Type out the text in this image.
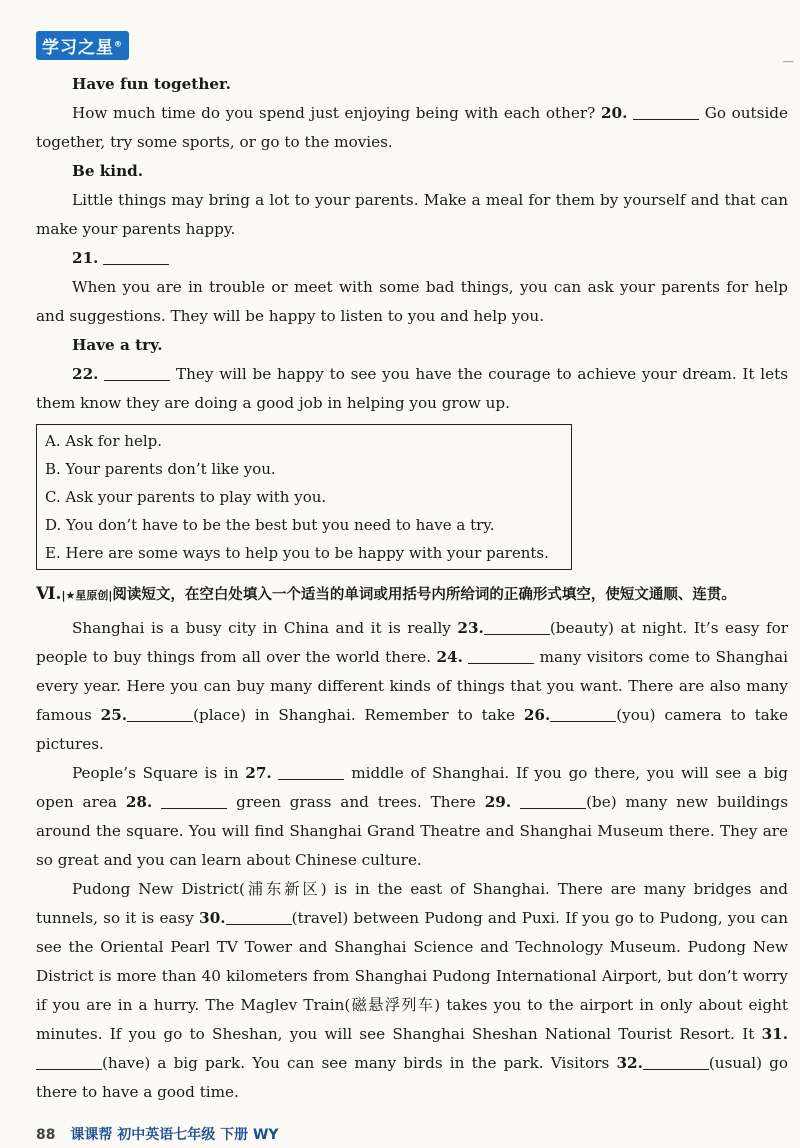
学习之星®
|
Have fun together.

How much time do you spend just enjoying being with each other? 20.	Go outside together, try some sports, or go to the movies.

Be kind.

Little things may bring a lot to your parents. Make a meal for them by yourself and that can make your parents happy.

21.

When you are in trouble or meet with some bad things, you can ask your parents for help and suggestions. They will be happy to listen to you and help you.

Have a try.

22.	They will be happy to see you have the courage to achieve your dream. It lets them know they are doing a good job in helping you grow up.

A. Ask for help.
B. Your parents don’t like you.
C. Ask your parents to play with you.
D. You don’t have to be the best but you need to have a try.
E. Here are some ways to help you to be happy with your parents.
Ⅵ.|★星原创|阅读短文，在空白处填入一个适当的单词或用括号内所给词的正确形式填空，使短文通顺、连贯。

Shanghai is a busy city in China and it is really 23.	(beauty) at night. It’s easy for people to buy things from all over the world there. 24.	many visitors come to Shanghai every year. Here you can buy many different kinds of things that you want. There are also many famous 25.	(place) in Shanghai. Remember to take 26.	(you) camera to take pictures.

People’s Square is in 27.	middle of Shanghai. If you go there, you will see a big open area 28.	green grass and trees. There 29.	(be) many new buildings around the square. You will find Shanghai Grand Theatre and Shanghai Museum there. They are so great and you can learn about Chinese culture.

Pudong New District(浦东新区) is in the east of Shanghai. There are many bridges and tunnels, so it is easy 30.	(travel) between Pudong and Puxi. If you go to Pudong, you can see the Oriental Pearl TV Tower and Shanghai Science and Technology Museum. Pudong New District is more than 40 kilometers from Shanghai Pudong International Airport, but don’t worry if you are in a hurry. The Maglev Train(磁悬浮列车) takes you to the airport in only about eight minutes. If you go to Sheshan, you will see Shanghai Sheshan National Tourist Resort. It 31.(have) a big park. You can see many birds in the park. Visitors 32.	(usual) go there to have a good time.

88 课课帮 初中英语七年级 下册 WY
